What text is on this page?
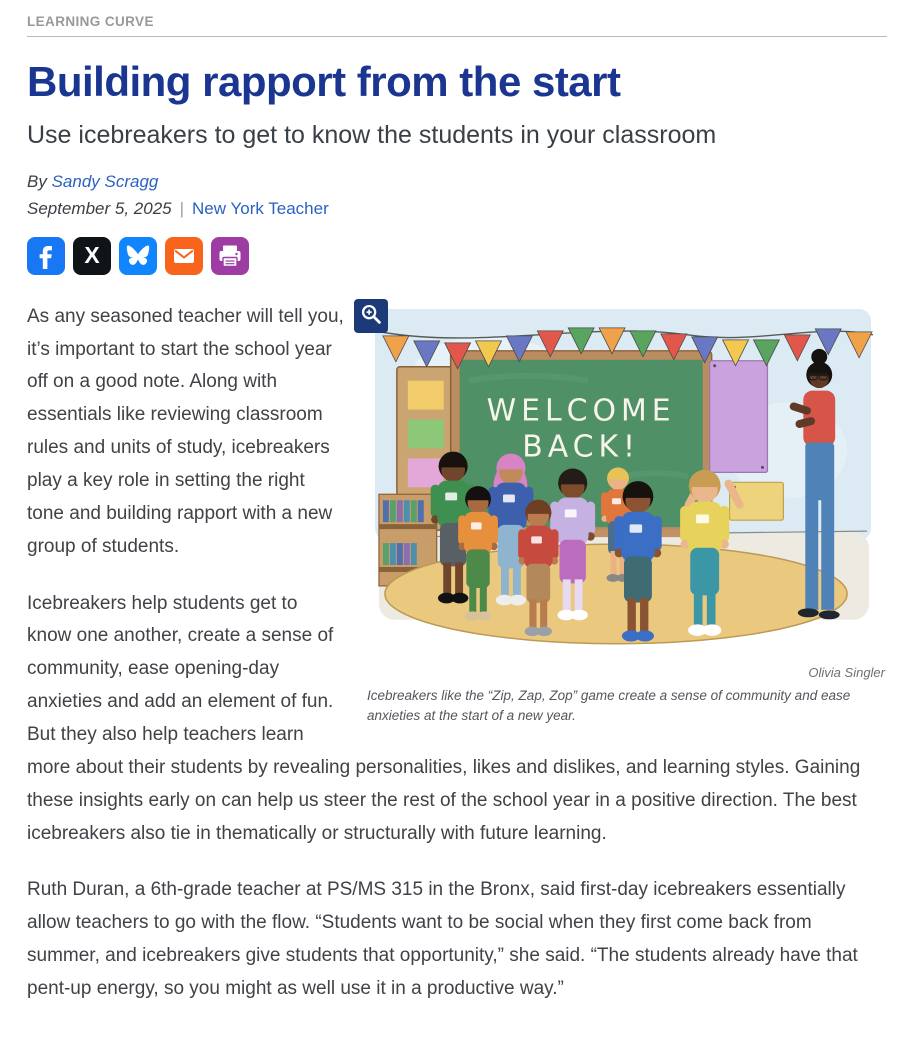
LEARNING CURVE
Building rapport from the start
Use icebreakers to get to know the students in your classroom
By Sandy Scragg
September 5, 2025 | New York Teacher
X
WELCOME
BACK!
Olivia Singler
Icebreakers like the “Zip, Zap, Zop” game create a sense of community and ease anxieties at the start of a new year.

As any seasoned teacher will tell you, it’s important to start the school year off on a good note. Along with essentials like reviewing classroom rules and units of study, icebreakers play a key role in setting the right tone and building rapport with a new group of students.

Icebreakers help students get to know one another, create a sense of community, ease opening-day anxieties and add an element of fun. But they also help teachers learn more about their students by revealing personalities, likes and dislikes, and learning styles. Gaining these insights early on can help us steer the rest of the school year in a positive direction. The best icebreakers also tie in thematically or structurally with future learning.

Ruth Duran, a 6th-grade teacher at PS/MS 315 in the Bronx, said first-day icebreakers essentially allow teachers to go with the flow. “Students want to be social when they first come back from summer, and icebreakers give students that opportunity,” she said. “The students already have that pent-up energy, so you might as well use it in a productive way.”
